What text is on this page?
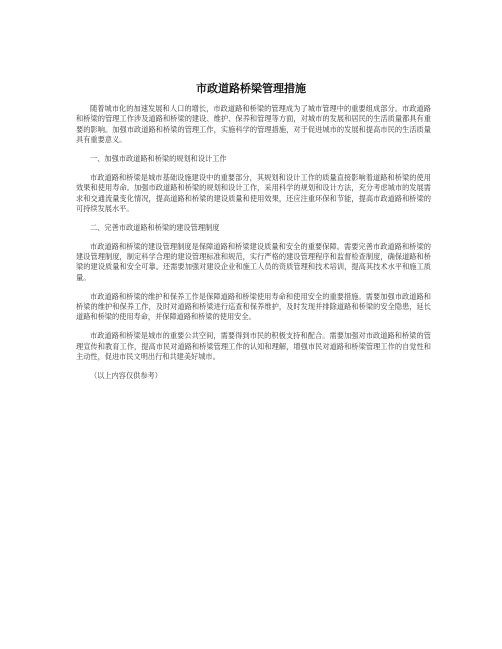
市政道路桥梁管理措施

随着城市化的加速发展和人口的增长，市政道路和桥梁的管理成为了城市管理中的重要组成部分。市政道路和桥梁的管理工作涉及道路和桥梁的建设、维护、保养和管理等方面，对城市的发展和居民的生活质量都具有重要的影响。加强市政道路和桥梁的管理工作，实施科学的管理措施，对于促进城市的发展和提高市民的生活质量具有重要意义。

一、加强市政道路和桥梁的规划和设计工作

市政道路和桥梁是城市基础设施建设中的重要部分，其规划和设计工作的质量直接影响着道路和桥梁的使用效果和使用寿命。加强市政道路和桥梁的规划和设计工作，采用科学的规划和设计方法，充分考虑城市的发展需求和交通流量变化情况，提高道路和桥梁的建设质量和使用效果，还应注重环保和节能，提高市政道路和桥梁的可持续发展水平。

二、完善市政道路和桥梁的建设管理制度

市政道路和桥梁的建设管理制度是保障道路和桥梁建设质量和安全的重要保障。需要完善市政道路和桥梁的建设管理制度，制定科学合理的建设管理标准和规范，实行严格的建设管理程序和监督检查制度，确保道路和桥梁的建设质量和安全可靠。还需要加强对建设企业和施工人员的资质管理和技术培训，提高其技术水平和施工质量。

市政道路和桥梁的维护和保养工作是保障道路和桥梁使用寿命和使用安全的重要措施。需要加强市政道路和桥梁的维护和保养工作，及时对道路和桥梁进行巡查和保养维护，及时发现并排除道路和桥梁的安全隐患，延长道路和桥梁的使用寿命，并保障道路和桥梁的使用安全。

市政道路和桥梁是城市的重要公共空间，需要得到市民的积极支持和配合。需要加强对市政道路和桥梁的管理宣传和教育工作，提高市民对道路和桥梁管理工作的认知和理解，增强市民对道路和桥梁管理工作的自觉性和主动性，促进市民文明出行和共建美好城市。

（以上内容仅供参考）
